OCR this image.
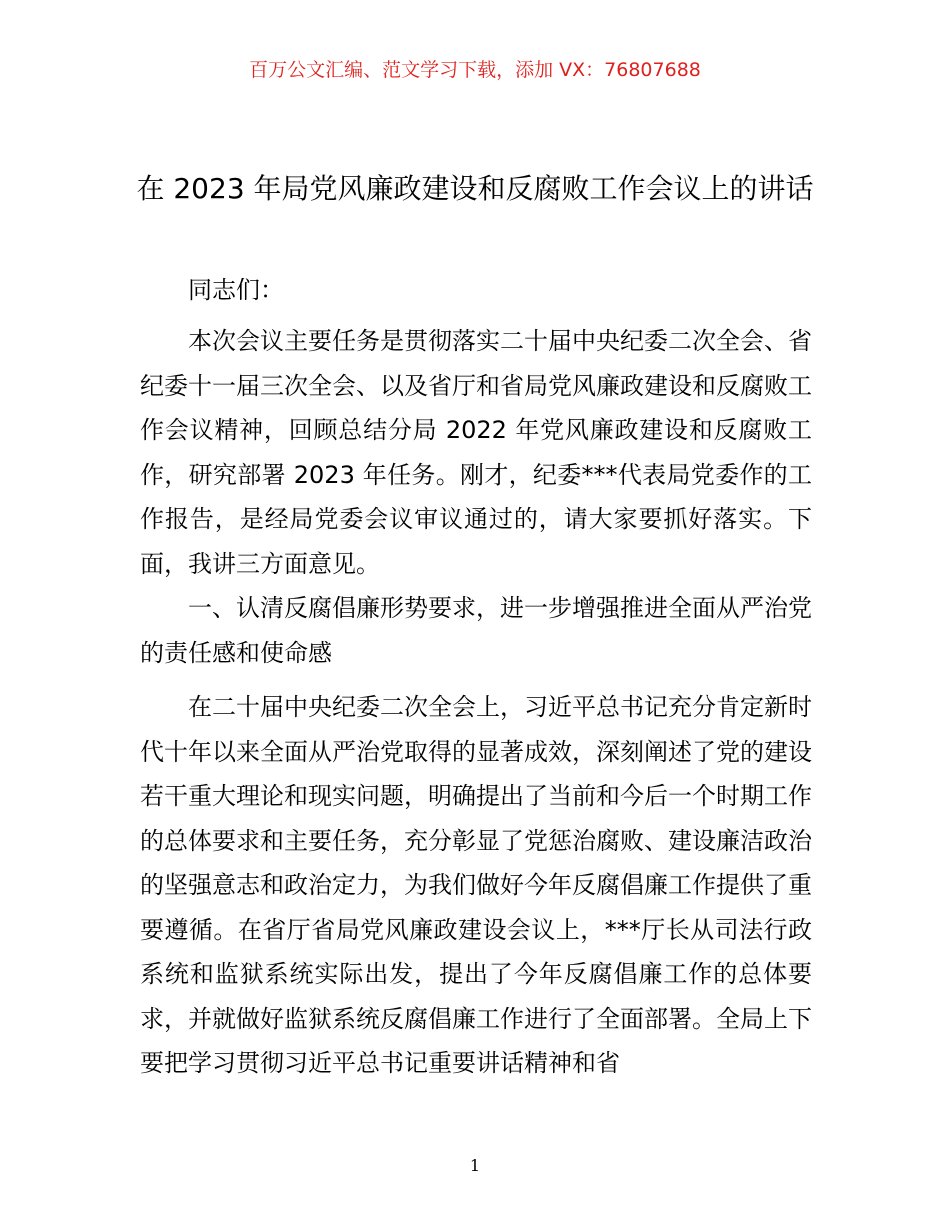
百万公文汇编、范文学习下载，添加 VX：76807688
在 2023 年局党风廉政建设和反腐败工作会议上的讲话

同志们：

本次会议主要任务是贯彻落实二十届中央纪委二次全会、省纪委十一届三次全会、以及省厅和省局党风廉政建设和反腐败工作会议精神，回顾总结分局 2022 年党风廉政建设和反腐败工作，研究部署 2023 年任务。刚才，纪委***代表局党委作的工作报告，是经局党委会议审议通过的，请大家要抓好落实。下面，我讲三方面意见。

一、认清反腐倡廉形势要求，进一步增强推进全面从严治党的责任感和使命感

在二十届中央纪委二次全会上，习近平总书记充分肯定新时代十年以来全面从严治党取得的显著成效，深刻阐述了党的建设若干重大理论和现实问题，明确提出了当前和今后一个时期工作的总体要求和主要任务，充分彰显了党惩治腐败、建设廉洁政治的坚强意志和政治定力，为我们做好今年反腐倡廉工作提供了重要遵循。在省厅省局党风廉政建设会议上，***厅长从司法行政系统和监狱系统实际出发，提出了今年反腐倡廉工作的总体要求，并就做好监狱系统反腐倡廉工作进行了全面部署。全局上下要把学习贯彻习近平总书记重要讲话精神和省

1
